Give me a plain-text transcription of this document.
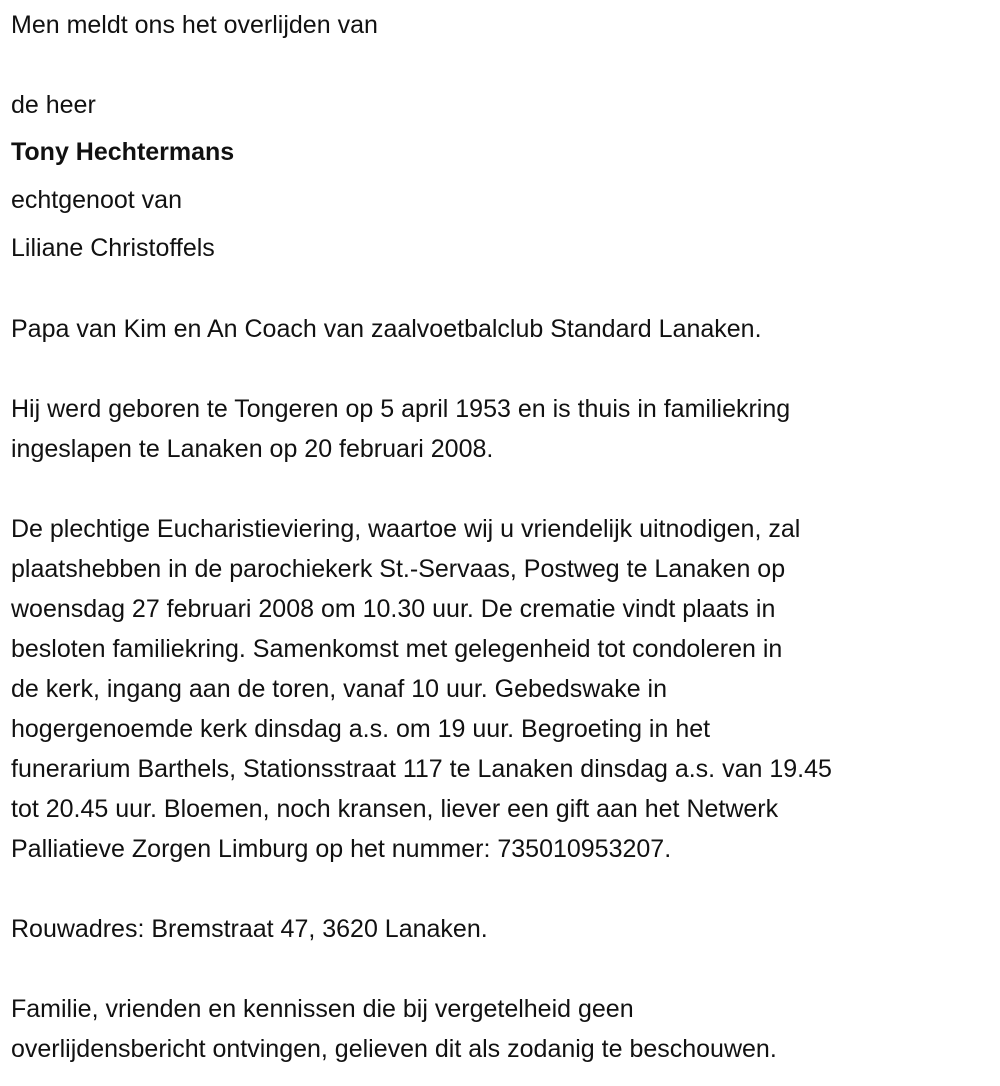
Men meldt ons het overlijden van
de heer
Tony Hechtermans
echtgenoot van
Liliane Christoffels
Papa van Kim en An Coach van zaalvoetbalclub Standard Lanaken.
Hij werd geboren te Tongeren op 5 april 1953 en is thuis in familiekring
ingeslapen te Lanaken op 20 februari 2008.
De plechtige Eucharistieviering, waartoe wij u vriendelijk uitnodigen, zal
plaatshebben in de parochiekerk St.-Servaas, Postweg te Lanaken op
woensdag 27 februari 2008 om 10.30 uur. De crematie vindt plaats in
besloten familiekring. Samenkomst met gelegenheid tot condoleren in
de kerk, ingang aan de toren, vanaf 10 uur. Gebedswake in
hogergenoemde kerk dinsdag a.s. om 19 uur. Begroeting in het
funerarium Barthels, Stationsstraat 117 te Lanaken dinsdag a.s. van 19.45
tot 20.45 uur. Bloemen, noch kransen, liever een gift aan het Netwerk
Palliatieve Zorgen Limburg op het nummer: 735010953207.
Rouwadres: Bremstraat 47, 3620 Lanaken.
Familie, vrienden en kennissen die bij vergetelheid geen
overlijdensbericht ontvingen, gelieven dit als zodanig te beschouwen.
